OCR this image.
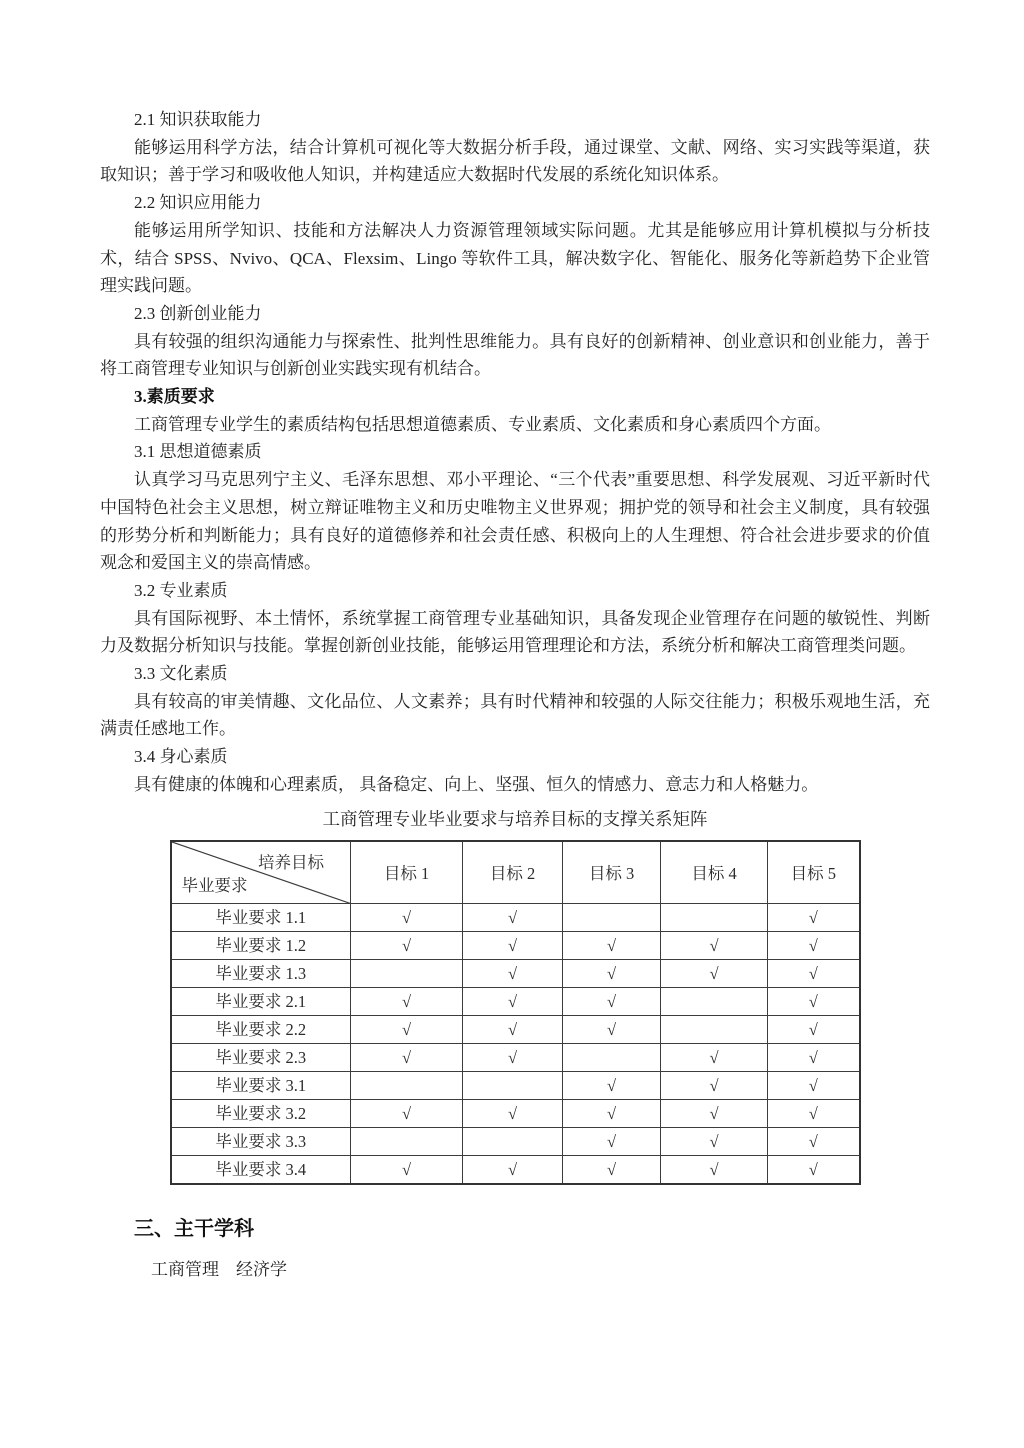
2.1 知识获取能力
能够运用科学方法，结合计算机可视化等大数据分析手段，通过课堂、文献、网络、实习实践等渠道，获取知识；善于学习和吸收他人知识，并构建适应大数据时代发展的系统化知识体系。
2.2 知识应用能力
能够运用所学知识、技能和方法解决人力资源管理领域实际问题。尤其是能够应用计算机模拟与分析技术，结合 SPSS、Nvivo、QCA、Flexsim、Lingo 等软件工具，解决数字化、智能化、服务化等新趋势下企业管理实践问题。
2.3 创新创业能力
具有较强的组织沟通能力与探索性、批判性思维能力。具有良好的创新精神、创业意识和创业能力，善于将工商管理专业知识与创新创业实践实现有机结合。
3.素质要求
工商管理专业学生的素质结构包括思想道德素质、专业素质、文化素质和身心素质四个方面。
3.1 思想道德素质
认真学习马克思列宁主义、毛泽东思想、邓小平理论、“三个代表”重要思想、科学发展观、习近平新时代中国特色社会主义思想，树立辩证唯物主义和历史唯物主义世界观；拥护党的领导和社会主义制度，具有较强的形势分析和判断能力；具有良好的道德修养和社会责任感、积极向上的人生理想、符合社会进步要求的价值观念和爱国主义的崇高情感。
3.2 专业素质
具有国际视野、本土情怀，系统掌握工商管理专业基础知识，具备发现企业管理存在问题的敏锐性、判断力及数据分析知识与技能。掌握创新创业技能，能够运用管理理论和方法，系统分析和解决工商管理类问题。
3.3 文化素质
具有较高的审美情趣、文化品位、人文素养；具有时代精神和较强的人际交往能力；积极乐观地生活，充满责任感地工作。
3.4 身心素质
具有健康的体魄和心理素质， 具备稳定、向上、坚强、恒久的情感力、意志力和人格魅力。
工商管理专业毕业要求与培养目标的支撑关系矩阵
培养目标
毕业要求	目标 1	目标 2	目标 3	目标 4	目标 5
毕业要求 1.1	√	√			√
毕业要求 1.2	√	√	√	√	√
毕业要求 1.3		√	√	√	√
毕业要求 2.1	√	√	√		√
毕业要求 2.2	√	√	√		√
毕业要求 2.3	√	√		√	√
毕业要求 3.1			√	√	√
毕业要求 3.2	√	√	√	√	√
毕业要求 3.3			√	√	√
毕业要求 3.4	√	√	√	√	√
三、主干学科
工商管理　经济学
